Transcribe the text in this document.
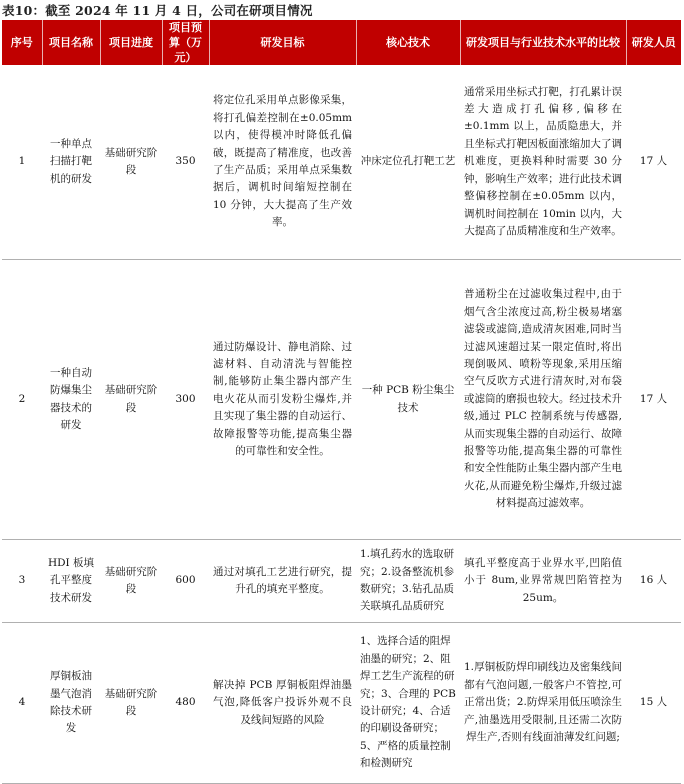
表10：截至 2024 年 11 月 4 日，公司在研项目情况
序号	项目名称	项目进度	项目预算（万元）	研发目标	核心技术	研发项目与行业技术水平的比较	研发人员
1	一种单点扫描打靶机的研发	基础研究阶段	350	将定位孔采用单点影像采集，将打孔偏差控制在±0.05mm 以内，使得模冲时降低孔偏破，既提高了精准度，也改善了生产品质；采用单点采集数据后，调机时间缩短控制在 10 分钟，大大提高了生产效率。	冲床定位孔打靶工艺	通常采用坐标式打靶，打孔累计误差大造成打孔偏移,偏移在±0.1mm 以上，品质隐患大，并且坐标式打靶因板面涨缩加大了调机难度，更换料种时需要 30 分钟，影响生产效率；进行此技术调整偏移控制在±0.05mm 以内，调机时间控制在 10min 以内，大大提高了品质精准度和生产效率。	17 人
2	一种自动防爆集尘器技术的研发	基础研究阶段	300	通过防爆设计、静电消除、过滤材料、自动清洗与智能控制,能够防止集尘器内部产生电火花从而引发粉尘爆炸,并且实现了集尘器的自动运行、故障报警等功能,提高集尘器的可靠性和安全性。	一种 PCB 粉尘集尘技术	普通粉尘在过滤收集过程中,由于烟气含尘浓度过高,粉尘极易堵塞滤袋或滤筒,造成清灰困难,同时当过滤风速超过某一限定值时,将出现倒吸风、喷粉等现象,采用压缩空气反吹方式进行清灰时,对布袋或滤筒的磨损也较大。经过技术升级,通过 PLC 控制系统与传感器,从而实现集尘器的自动运行、故障报警等功能,提高集尘器的可靠性和安全性能防止集尘器内部产生电火花,从而避免粉尘爆炸,升级过滤材料提高过滤效率。	17 人
3	HDI 板填孔平整度技术研发	基础研究阶段	600	通过对填孔工艺进行研究，提升孔的填充平整度。	1.填孔药水的选取研究；2.设备整流机参数研究；3.钻孔品质关联填孔品质研究	填孔平整度高于业界水平,凹陷值小于 8um,业界常规凹陷管控为 25um。	16 人
4	厚铜板油墨气泡消除技术研发	基础研究阶段	480	解决掉 PCB 厚铜板阻焊油墨气泡,降低客户投诉外观不良及线间短路的风险	1、选择合适的阻焊油墨的研究；2、阻焊工艺生产流程的研究；3、合理的 PCB 设计研究；4、合适的印刷设备研究；5、严格的质量控制和检测研究	1.厚铜板防焊印刷线边及密集线间都有气泡问题,一般客户不管控,可正常出货；2.防焊采用低压喷涂生产,油墨选用受限制,且还需二次防焊生产,否则有线面油薄发红问题;	15 人
